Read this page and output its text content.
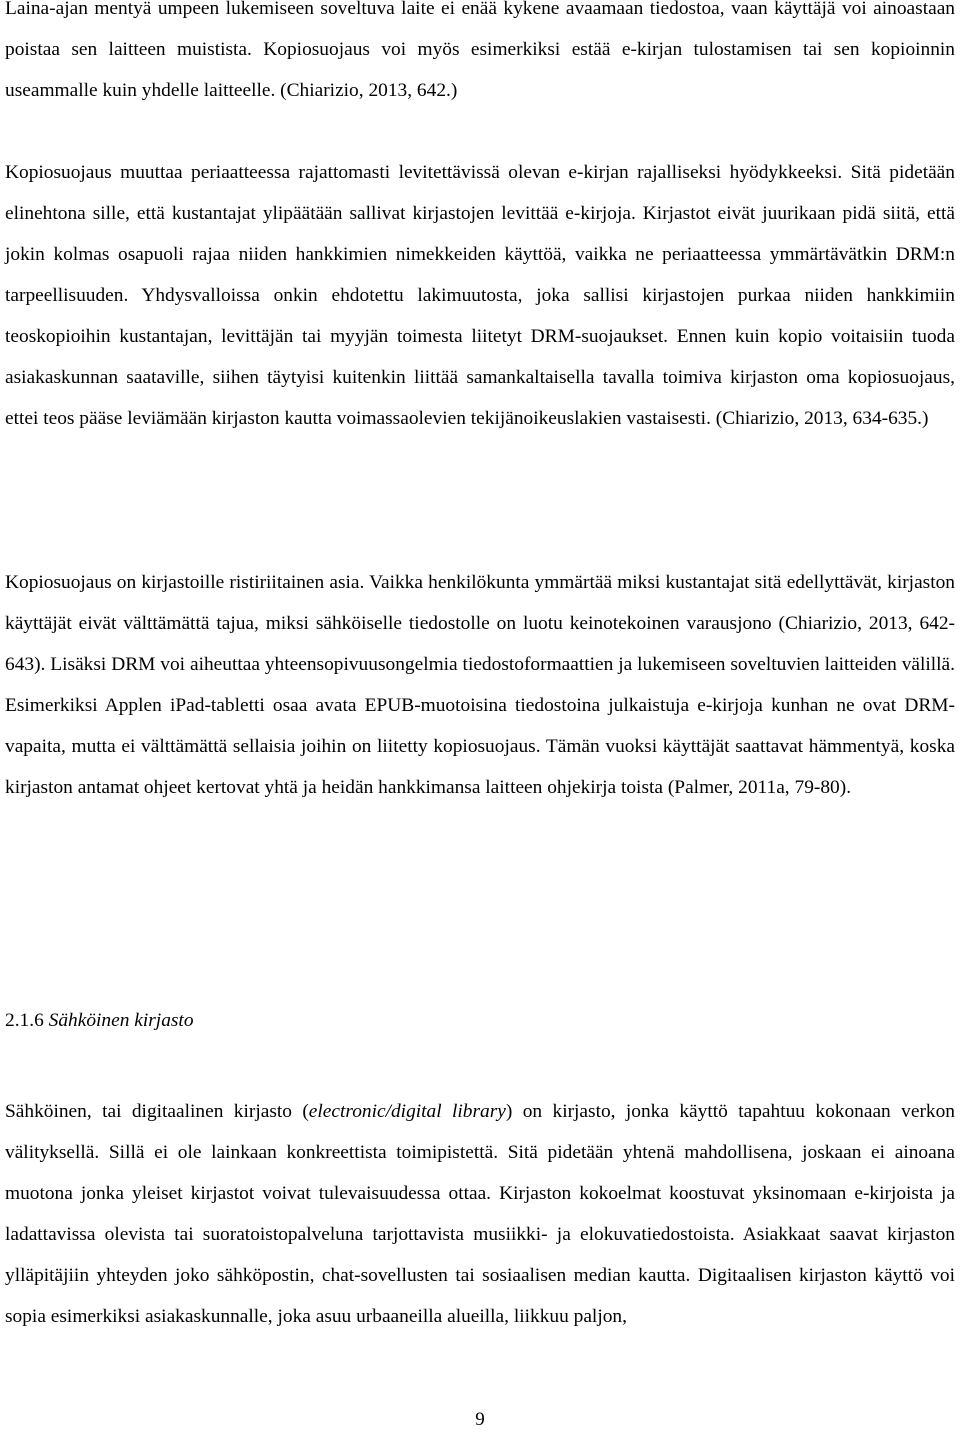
Laina-ajan mentyä umpeen lukemiseen soveltuva laite ei enää kykene avaamaan tiedostoa, vaan käyttäjä voi ainoastaan poistaa sen laitteen muistista. Kopiosuojaus voi myös esimerkiksi estää e-kirjan tulostamisen tai sen kopioinnin useammalle kuin yhdelle laitteelle. (Chiarizio, 2013, 642.)

Kopiosuojaus muuttaa periaatteessa rajattomasti levitettävissä olevan e-kirjan rajalliseksi hyödykkeeksi. Sitä pidetään elinehtona sille, että kustantajat ylipäätään sallivat kirjastojen levittää e-kirjoja. Kirjastot eivät juurikaan pidä siitä, että jokin kolmas osapuoli rajaa niiden hankkimien nimekkeiden käyttöä, vaikka ne periaatteessa ymmärtävätkin DRM:n tarpeellisuuden. Yhdysvalloissa onkin ehdotettu lakimuutosta, joka sallisi kirjastojen purkaa niiden hankkimiin teoskopioihin kustantajan, levittäjän tai myyjän toimesta liitetyt DRM-suojaukset. Ennen kuin kopio voitaisiin tuoda asiakaskunnan saataville, siihen täytyisi kuitenkin liittää samankaltaisella tavalla toimiva kirjaston oma kopiosuojaus, ettei teos pääse leviämään kirjaston kautta voimassaolevien tekijänoikeuslakien vastaisesti. (Chiarizio, 2013, 634-635.)

Kopiosuojaus on kirjastoille ristiriitainen asia. Vaikka henkilökunta ymmärtää miksi kustantajat sitä edellyttävät, kirjaston käyttäjät eivät välttämättä tajua, miksi sähköiselle tiedostolle on luotu keinotekoinen varausjono (Chiarizio, 2013, 642-643). Lisäksi DRM voi aiheuttaa yhteensopivuusongelmia tiedostoformaattien ja lukemiseen soveltuvien laitteiden välillä. Esimerkiksi Applen iPad-tabletti osaa avata EPUB-muotoisina tiedostoina julkaistuja e-kirjoja kunhan ne ovat DRM-vapaita, mutta ei välttämättä sellaisia joihin on liitetty kopiosuojaus. Tämän vuoksi käyttäjät saattavat hämmentyä, koska kirjaston antamat ohjeet kertovat yhtä ja heidän hankkimansa laitteen ohjekirja toista (Palmer, 2011a, 79-80).

2.1.6 Sähköinen kirjasto

Sähköinen, tai digitaalinen kirjasto (electronic/digital library) on kirjasto, jonka käyttö tapahtuu kokonaan verkon välityksellä. Sillä ei ole lainkaan konkreettista toimipistettä. Sitä pidetään yhtenä mahdollisena, joskaan ei ainoana muotona jonka yleiset kirjastot voivat tulevaisuudessa ottaa. Kirjaston kokoelmat koostuvat yksinomaan e-kirjoista ja ladattavissa olevista tai suoratoistopalveluna tarjottavista musiikki- ja elokuvatiedostoista. Asiakkaat saavat kirjaston ylläpitäjiin yhteyden joko sähköpostin, chat-sovellusten tai sosiaalisen median kautta. Digitaalisen kirjaston käyttö voi sopia esimerkiksi asiakaskunnalle, joka asuu urbaaneilla alueilla, liikkuu paljon,

9
